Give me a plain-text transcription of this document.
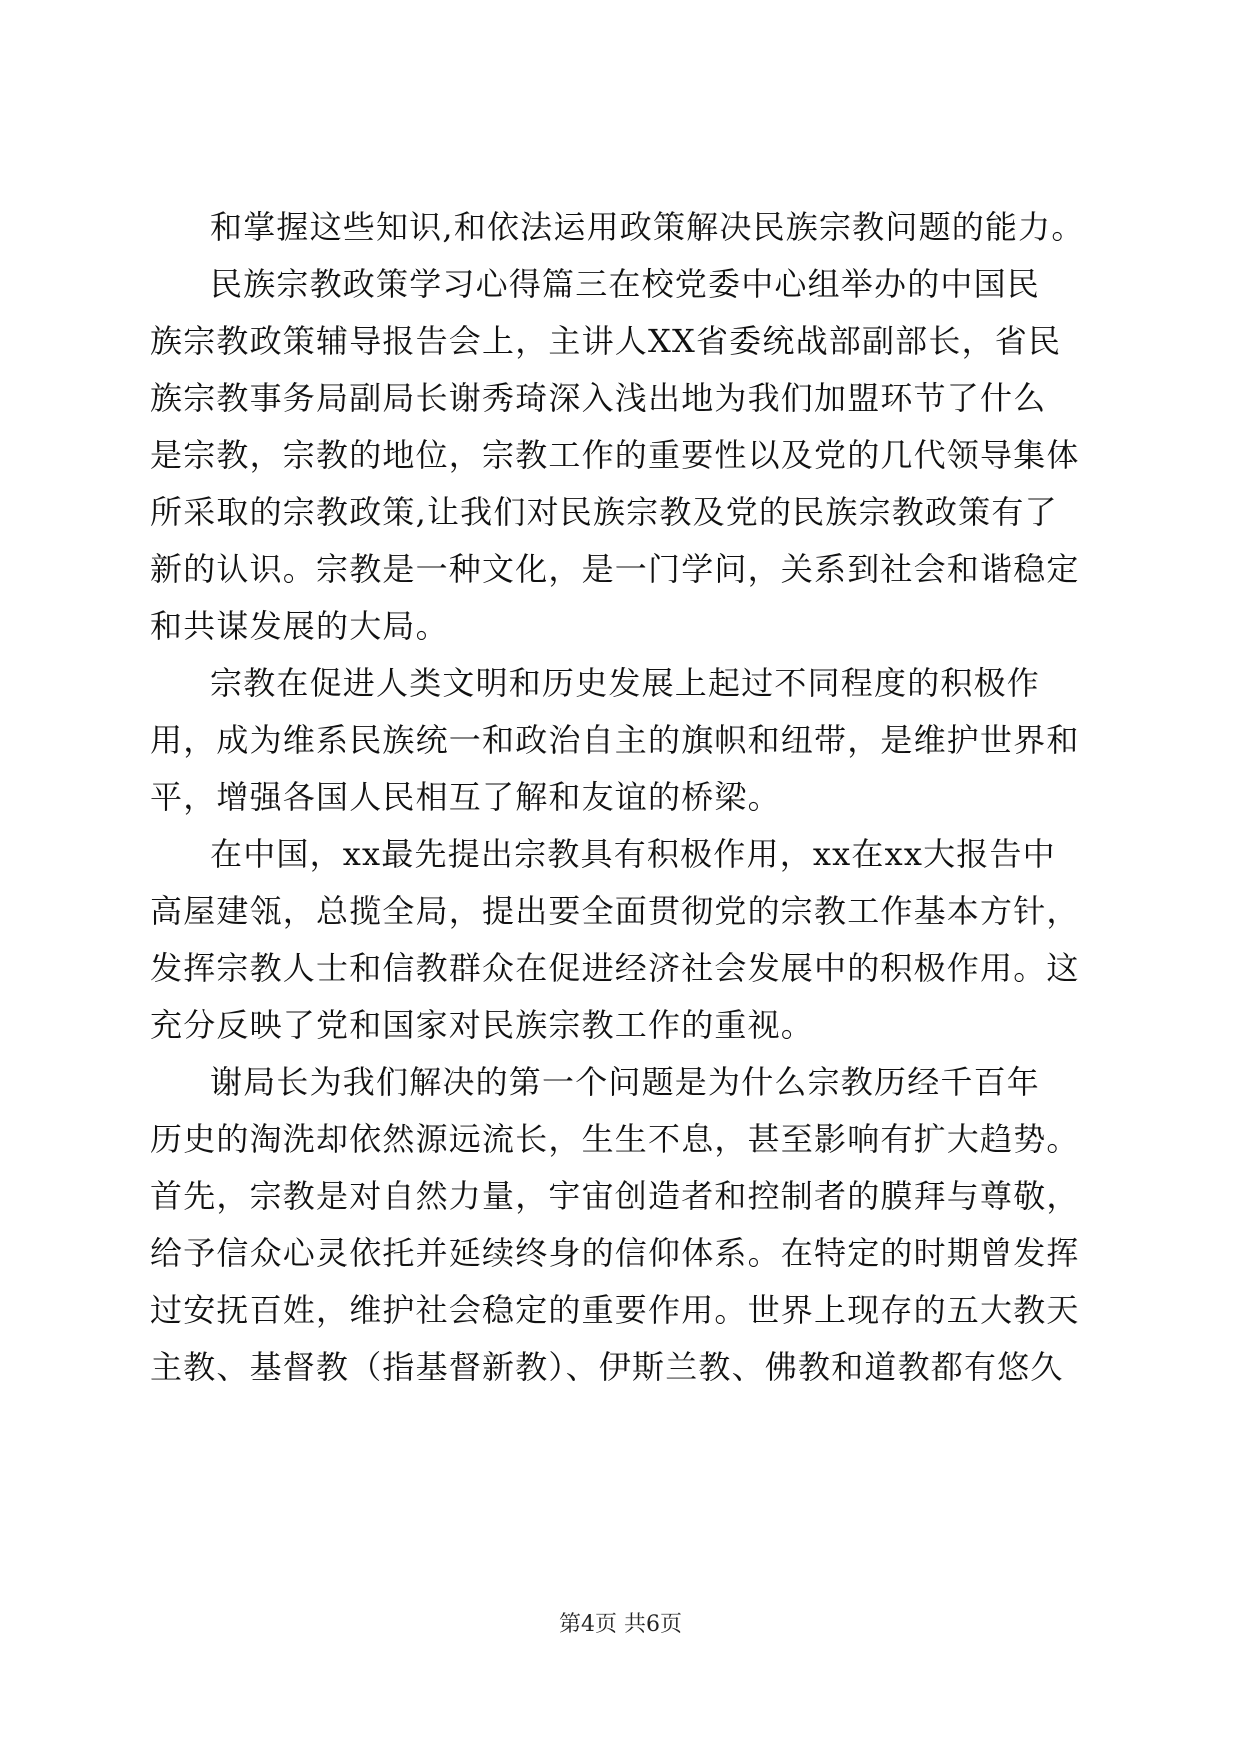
和掌握这些知识,和依法运用政策解决民族宗教问题的能力。
民族宗教政策学习心得篇三在校党委中心组举办的中国民
族宗教政策辅导报告会上，主讲人XX省委统战部副部长，省民
族宗教事务局副局长谢秀琦深入浅出地为我们加盟环节了什么
是宗教，宗教的地位，宗教工作的重要性以及党的几代领导集体
所采取的宗教政策,让我们对民族宗教及党的民族宗教政策有了
新的认识。宗教是一种文化，是一门学问，关系到社会和谐稳定
和共谋发展的大局。
宗教在促进人类文明和历史发展上起过不同程度的积极作
用，成为维系民族统一和政治自主的旗帜和纽带，是维护世界和
平，增强各国人民相互了解和友谊的桥梁。
在中国，xx最先提出宗教具有积极作用，xx在xx大报告中
高屋建瓴，总揽全局，提出要全面贯彻党的宗教工作基本方针，
发挥宗教人士和信教群众在促进经济社会发展中的积极作用。这
充分反映了党和国家对民族宗教工作的重视。
谢局长为我们解决的第一个问题是为什么宗教历经千百年
历史的淘洗却依然源远流长，生生不息，甚至影响有扩大趋势。
首先，宗教是对自然力量，宇宙创造者和控制者的膜拜与尊敬，
给予信众心灵依托并延续终身的信仰体系。在特定的时期曾发挥
过安抚百姓，维护社会稳定的重要作用。世界上现存的五大教天
主教、基督教（指基督新教）、伊斯兰教、佛教和道教都有悠久
第4页 共6页
